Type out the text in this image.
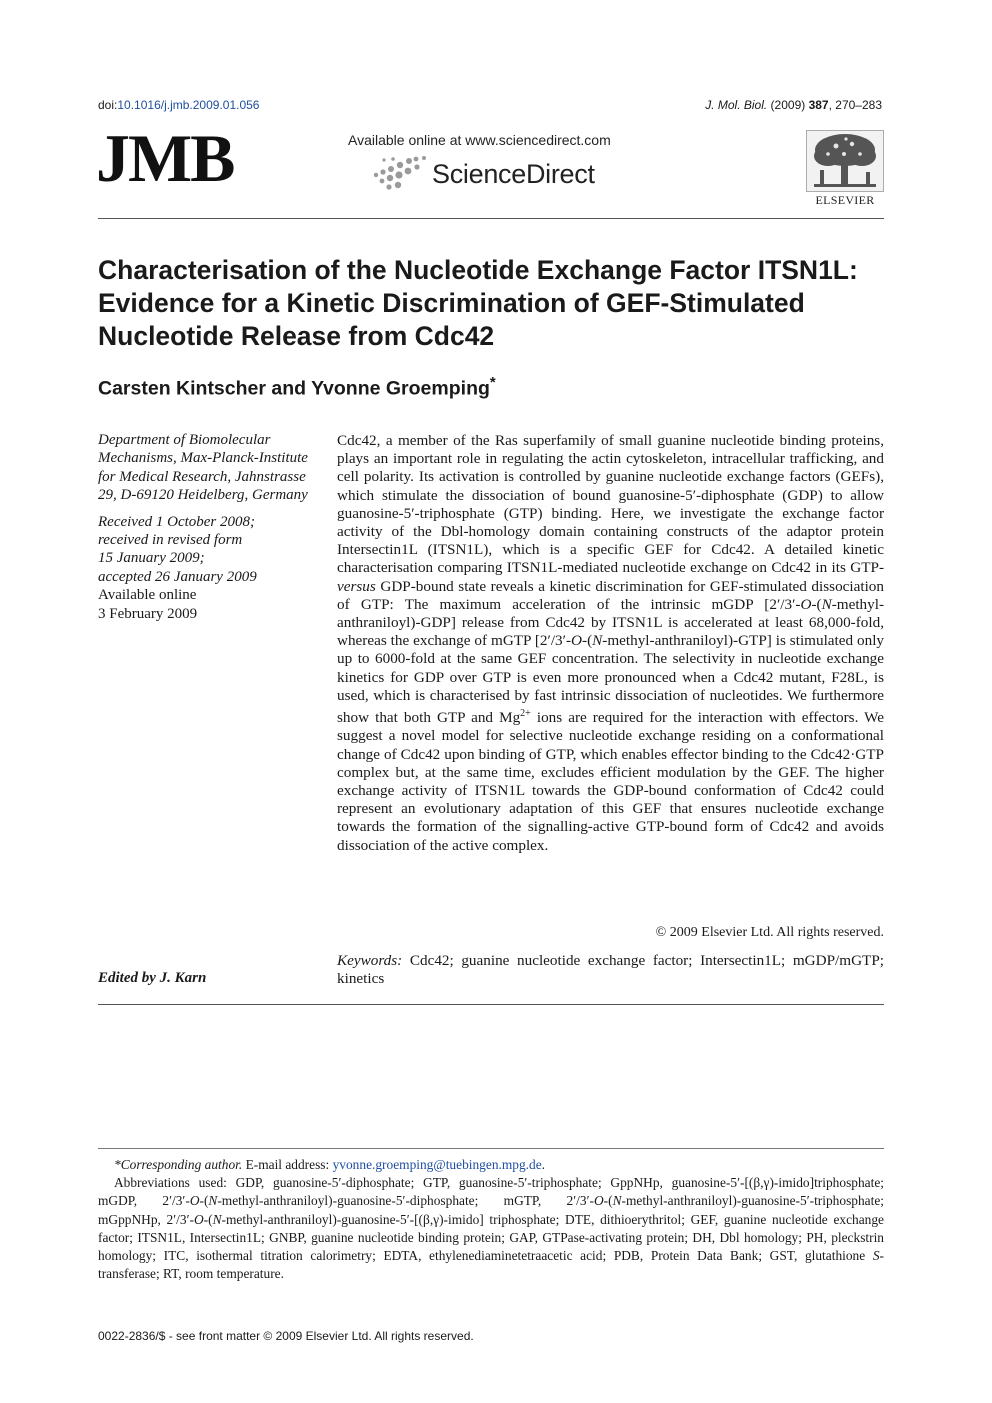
doi:10.1016/j.jmb.2009.01.056	J. Mol. Biol. (2009) 387, 270–283
JMB	Available online at www.sciencedirect.com
ScienceDirect
ELSEVIER
Characterisation of the Nucleotide Exchange Factor ITSN1L: Evidence for a Kinetic Discrimination of GEF-Stimulated Nucleotide Release from Cdc42
Carsten Kintscher and Yvonne Groemping*
Department of Biomolecular Mechanisms, Max-Planck-Institute for Medical Research, Jahnstrasse 29, D-69120 Heidelberg, Germany
Received 1 October 2008;
received in revised form
15 January 2009;
accepted 26 January 2009
Available online
3 February 2009
Edited by J. Karn
Cdc42, a member of the Ras superfamily of small guanine nucleotide binding proteins, plays an important role in regulating the actin cytoskeleton, intracellular trafficking, and cell polarity. Its activation is controlled by guanine nucleotide exchange factors (GEFs), which stimulate the dissociation of bound guanosine-5′-diphosphate (GDP) to allow guanosine-5′-triphosphate (GTP) binding. Here, we investigate the exchange factor activity of the Dbl-homology domain containing constructs of the adaptor protein Intersectin1L (ITSN1L), which is a specific GEF for Cdc42. A detailed kinetic characterisation comparing ITSN1L-mediated nucleotide exchange on Cdc42 in its GTP- versus GDP-bound state reveals a kinetic discrimination for GEF-stimulated dissociation of GTP: The maximum acceleration of the intrinsic mGDP [2′/3′-O-(N-methyl-anthraniloyl)-GDP] release from Cdc42 by ITSN1L is accelerated at least 68,000-fold, whereas the exchange of mGTP [2′/3′-O-(N-methyl-anthraniloyl)-GTP] is stimulated only up to 6000-fold at the same GEF concentration. The selectivity in nucleotide exchange kinetics for GDP over GTP is even more pronounced when a Cdc42 mutant, F28L, is used, which is characterised by fast intrinsic dissociation of nucleotides. We furthermore show that both GTP and $Mg^{2+}$ ions are required for the interaction with effectors. We suggest a novel model for selective nucleotide exchange residing on a conformational change of Cdc42 upon binding of GTP, which enables effector binding to the Cdc42·GTP complex but, at the same time, excludes efficient modulation by the GEF. The higher exchange activity of ITSN1L towards the GDP-bound conformation of Cdc42 could represent an evolutionary adaptation of this GEF that ensures nucleotide exchange towards the formation of the signalling-active GTP-bound form of Cdc42 and avoids dissociation of the active complex.
© 2009 Elsevier Ltd. All rights reserved.
Keywords: Cdc42; guanine nucleotide exchange factor; Intersectin1L; mGDP/mGTP; kinetics
*Corresponding author. E-mail address: yvonne.groemping@tuebingen.mpg.de.
Abbreviations used: GDP, guanosine-5′-diphosphate; GTP, guanosine-5′-triphosphate; GppNHp, guanosine-5′-[(β,γ)-imido]triphosphate; mGDP, 2′/3′-O-(N-methyl-anthraniloyl)-guanosine-5′-diphosphate; mGTP, 2′/3′-O-(N-methyl-anthraniloyl)-guanosine-5′-triphosphate; mGppNHp, 2′/3′-O-(N-methyl-anthraniloyl)-guanosine-5′-[(β,γ)-imido] triphosphate; DTE, dithioerythritol; GEF, guanine nucleotide exchange factor; ITSN1L, Intersectin1L; GNBP, guanine nucleotide binding protein; GAP, GTPase-activating protein; DH, Dbl homology; PH, pleckstrin homology; ITC, isothermal titration calorimetry; EDTA, ethylenediaminetetraacetic acid; PDB, Protein Data Bank; GST, glutathione S-transferase; RT, room temperature.
0022-2836/$ - see front matter © 2009 Elsevier Ltd. All rights reserved.
